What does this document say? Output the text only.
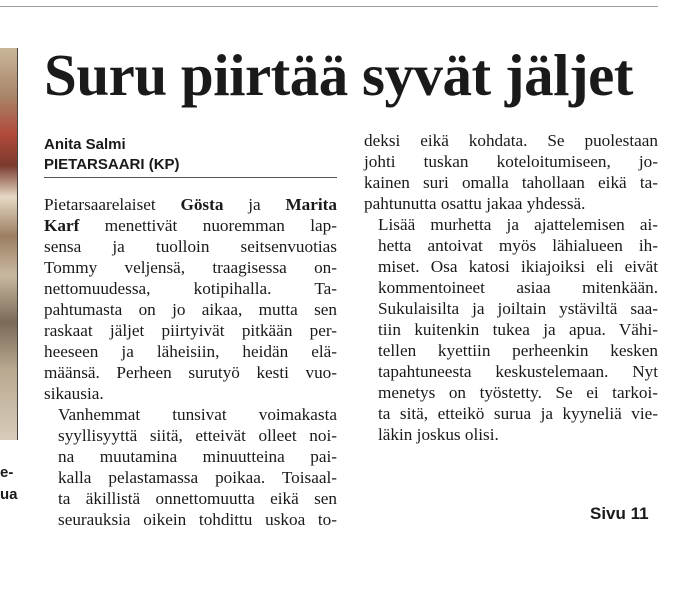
e-
ua
Suru piirtää syvät jäljet
Anita Salmi
PIETARSAARI (KP)

Pietarsaarelaiset Gösta ja Marita
Karf menettivät nuoremman lap-
sensa ja tuolloin seitsenvuotias
Tommy veljensä, traagisessa on-
nettomuudessa, kotipihalla. Ta-
pahtumasta on jo aikaa, mutta sen
raskaat jäljet piirtyivät pitkään per-
heeseen ja läheisiin, heidän elä-
määnsä. Perheen surutyö kesti vuo-
sikausia.

Vanhemmat tunsivat voimakasta
syyllisyyttä siitä, etteivät olleet noi-
na muutamina minuutteina pai-
kalla pelastamassa poikaa. Toisaal-
ta äkillistä onnettomuutta eikä sen
seurauksia oikein tohdittu uskoa to-

deksi eikä kohdata. Se puolestaan
johti tuskan koteloitumiseen, jo-
kainen suri omalla tahollaan eikä ta-
pahtunutta osattu jakaa yhdessä.

Lisää murhetta ja ajattelemisen ai-
hetta antoivat myös lähialueen ih-
miset. Osa katosi ikiajoiksi eli eivät
kommentoineet asiaa mitenkään.
Sukulaisilta ja joiltain ystäviltä saa-
tiin kuitenkin tukea ja apua. Vähi-
tellen kyettiin perheenkin kesken
tapahtuneesta keskustelemaan. Nyt
menetys on työstetty. Se ei tarkoi-
ta sitä, etteikö surua ja kyyneliä vie-
läkin joskus olisi.

Sivu 11
